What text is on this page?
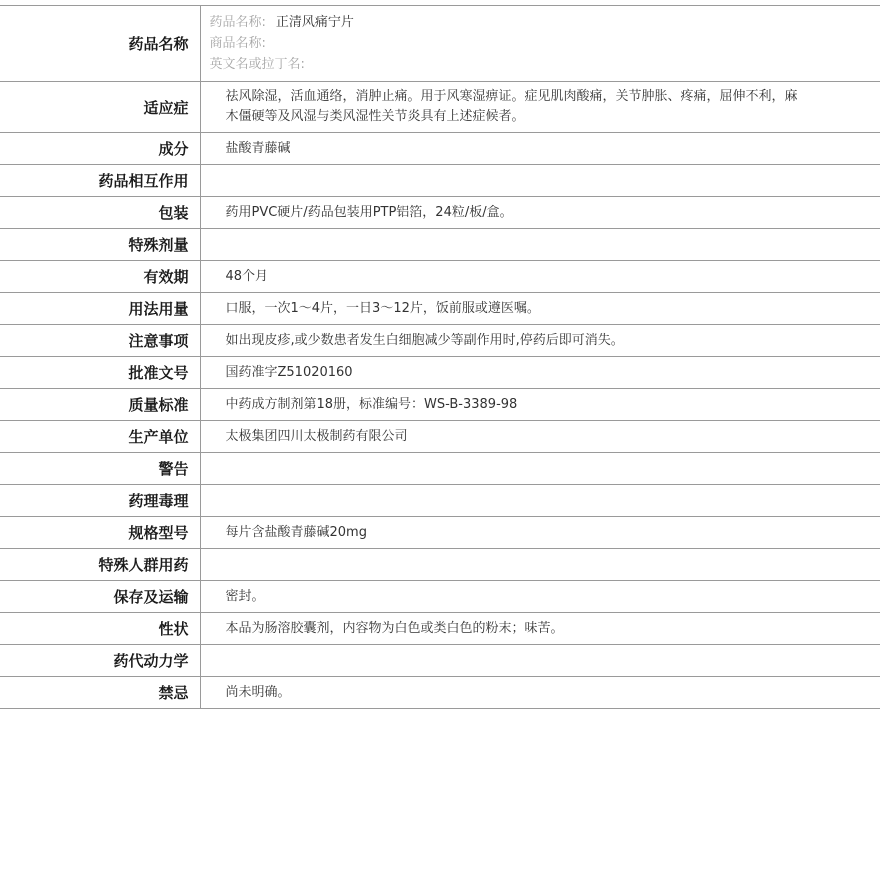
药品名称	药品名称: 正清风痛宁片
商品名称:
英文名或拉丁名:

适应症	祛风除湿，活血通络，消肿止痛。用于风寒湿痹证。症见肌肉酸痛，关节肿胀、疼痛，屈伸不利，麻木僵硬等及风湿与类风湿性关节炎具有上述症候者。
成分	盐酸青藤碱
药品相互作用	
包装	药用PVC硬片/药品包装用PTP铝箔，24粒/板/盒。
特殊剂量	
有效期	48个月
用法用量	口服，一次1～4片，一日3～12片，饭前服或遵医嘱。
注意事项	如出现皮疹,或少数患者发生白细胞减少等副作用时,停药后即可消失。
批准文号	国药准字Z51020160
质量标准	中药成方制剂第18册，标准编号：WS-B-3389-98
生产单位	太极集团四川太极制药有限公司
警告	
药理毒理	
规格型号	每片含盐酸青藤碱20mg
特殊人群用药	
保存及运输	密封。
性状	本品为肠溶胶囊剂，内容物为白色或类白色的粉末；味苦。
药代动力学	
禁忌	尚未明确。
